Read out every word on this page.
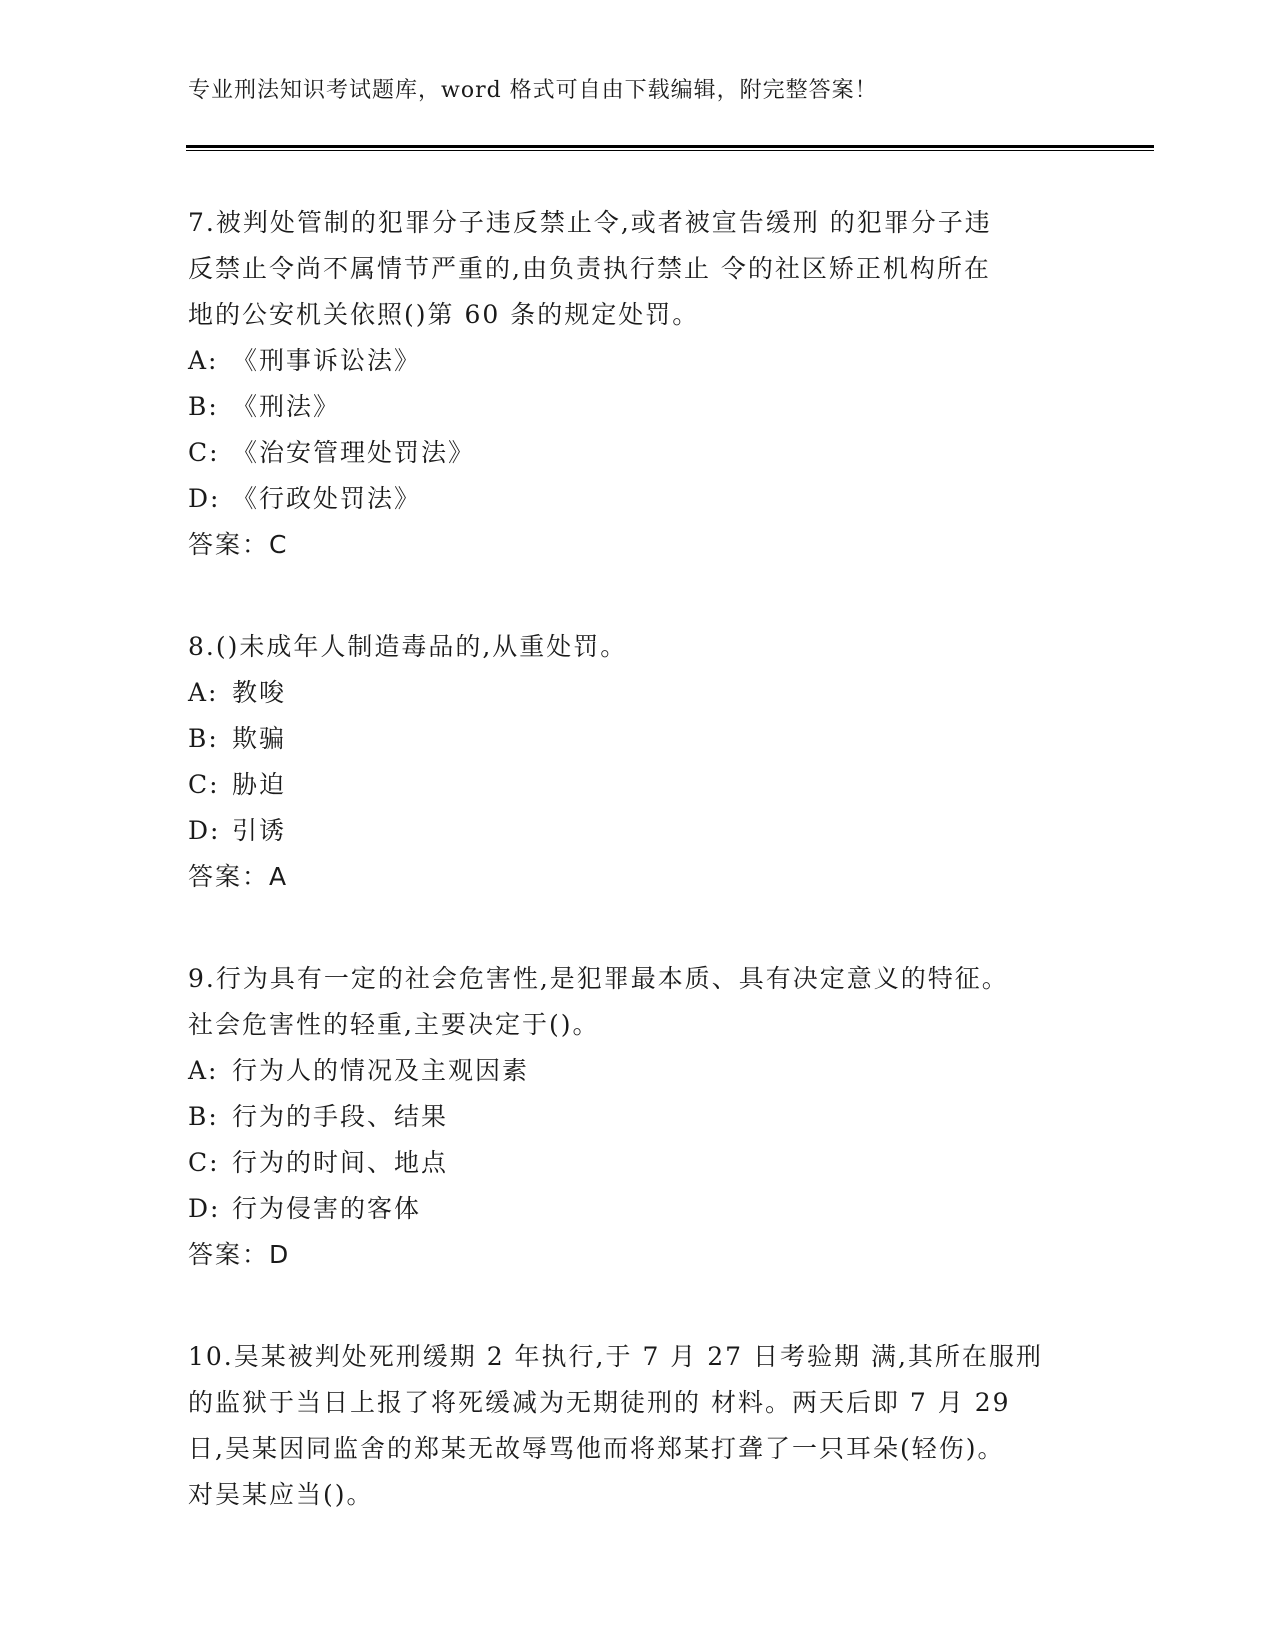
专业刑法知识考试题库，word 格式可自由下载编辑，附完整答案！
7.被判处管制的犯罪分子违反禁止令,或者被宣告缓刑 的犯罪分子违
反禁止令尚不属情节严重的,由负责执行禁止 令的社区矫正机构所在
地的公安机关依照()第 60 条的规定处罚。
A: 《刑事诉讼法》
B: 《刑法》
C: 《治安管理处罚法》
D: 《行政处罚法》
答案：C
8.()未成年人制造毒品的,从重处罚。
A: 教唆
B: 欺骗
C: 胁迫
D: 引诱
答案：A
9.行为具有一定的社会危害性,是犯罪最本质、具有决定意义的特征。
社会危害性的轻重,主要决定于()。
A: 行为人的情况及主观因素
B: 行为的手段、结果
C: 行为的时间、地点
D: 行为侵害的客体
答案：D
10.吴某被判处死刑缓期 2 年执行,于 7 月 27 日考验期 满,其所在服刑
的监狱于当日上报了将死缓减为无期徒刑的 材料。两天后即 7 月 29
日,吴某因同监舍的郑某无故辱骂他而将郑某打聋了一只耳朵(轻伤)。
对吴某应当()。
